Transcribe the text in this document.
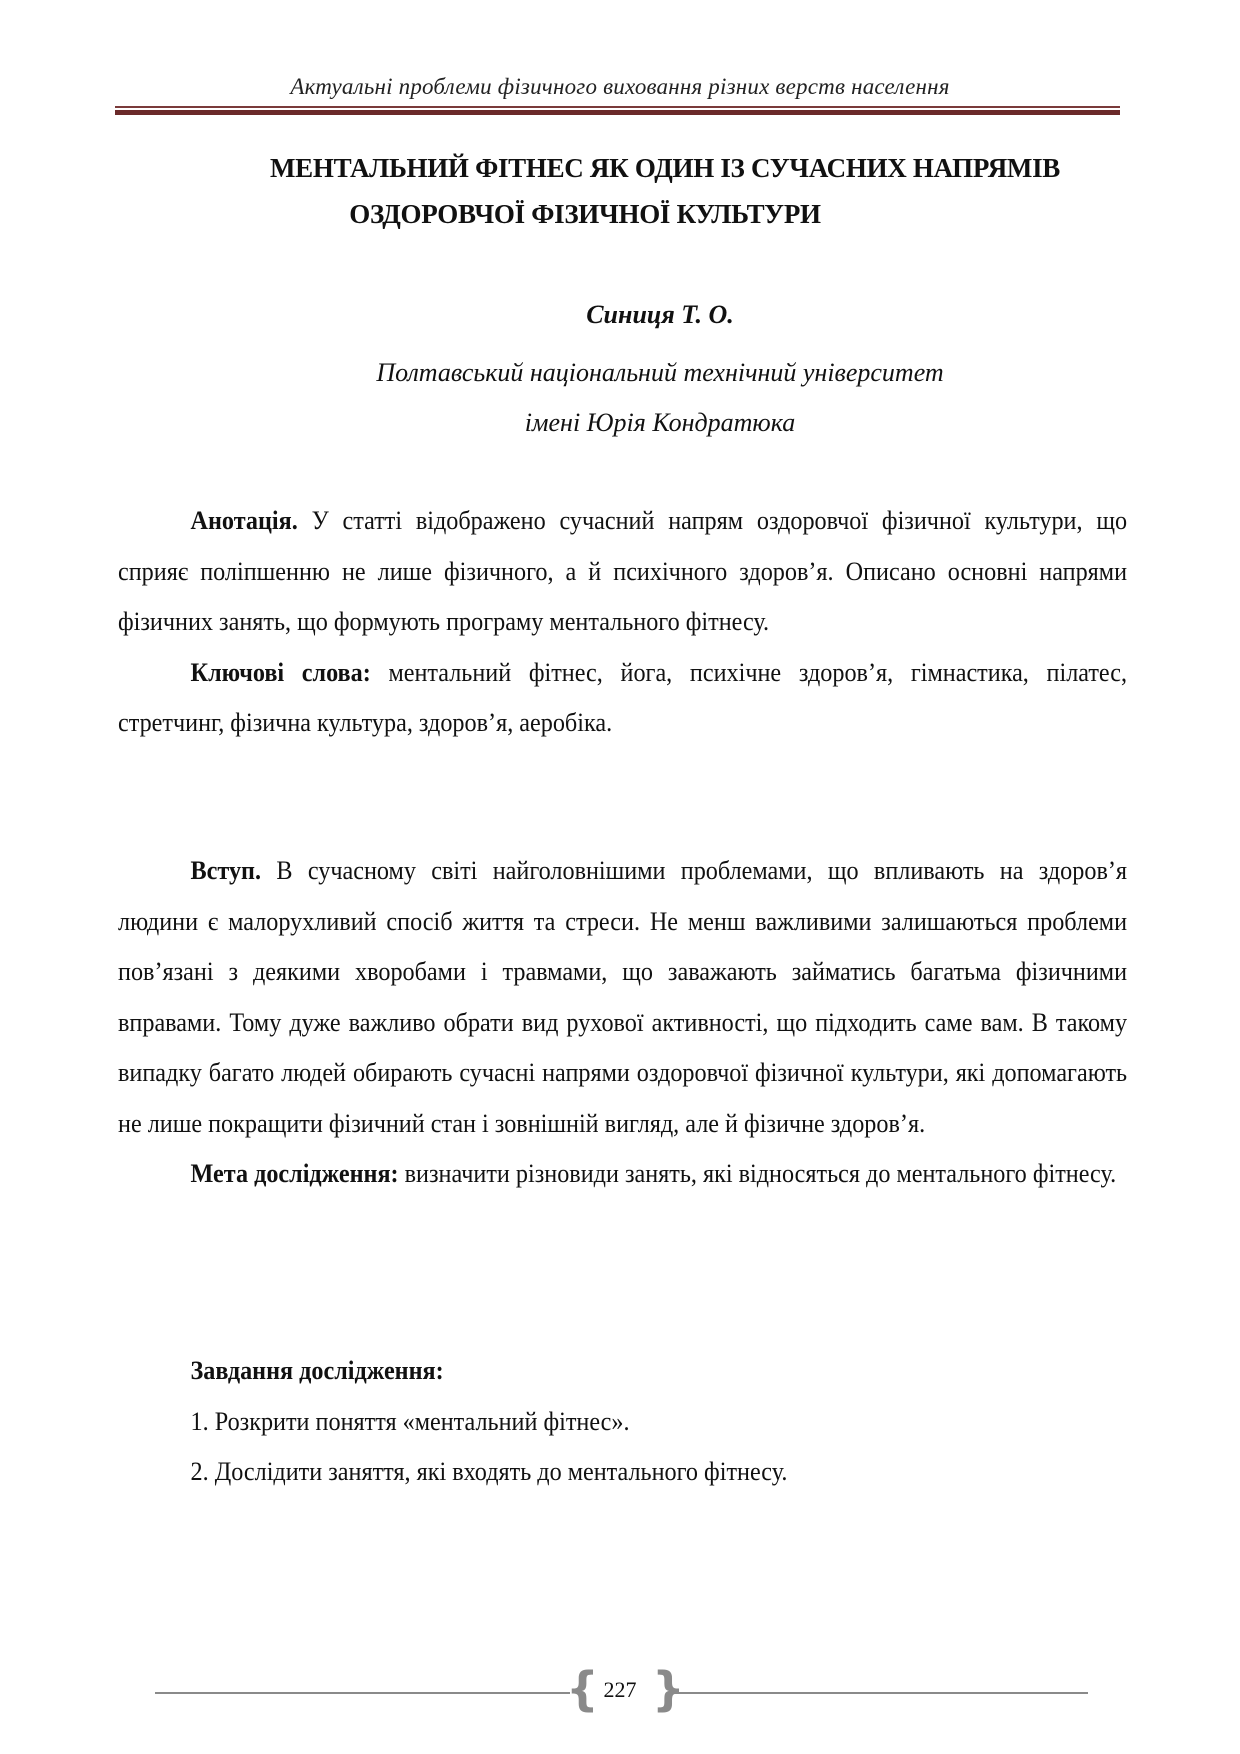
Актуальні проблеми фізичного виховання різних верств населення
МЕНТАЛЬНИЙ ФІТНЕС ЯК ОДИН ІЗ СУЧАСНИХ НАПРЯМІВ
ОЗДОРОВЧОЇ ФІЗИЧНОЇ КУЛЬТУРИ
Синиця Т. О.
Полтавський національний технічний університет
імені Юрія Кондратюка

Анотація. У статті відображено сучасний напрям оздоровчої фізичної культури, що сприяє поліпшенню не лише фізичного, а й психічного здоров’я. Описано основні напрями фізичних занять, що формують програму ментального фітнесу.

Ключові слова: ментальний фітнес, йога, психічне здоров’я, гімнастика, пілатес, стретчинг, фізична культура, здоров’я, аеробіка.

Вступ. В сучасному світі найголовнішими проблемами, що впливають на здоров’я людини є малорухливий спосіб життя та стреси. Не менш важливими залишаються проблеми пов’язані з деякими хворобами і травмами, що заважають займатись багатьма фізичними вправами. Тому дуже важливо обрати вид рухової активності, що підходить саме вам. В такому випадку багато людей обирають сучасні напрями оздоровчої фізичної культури, які допомагають не лише покращити фізичний стан і зовнішній вигляд, але й фізичне здоров’я.

Мета дослідження: визначити різновиди занять, які відносяться до ментального фітнесу.

Завдання дослідження:

1. Розкрити поняття «ментальний фітнес».

2. Дослідити заняття, які входять до ментального фітнесу.

{ 227 }
